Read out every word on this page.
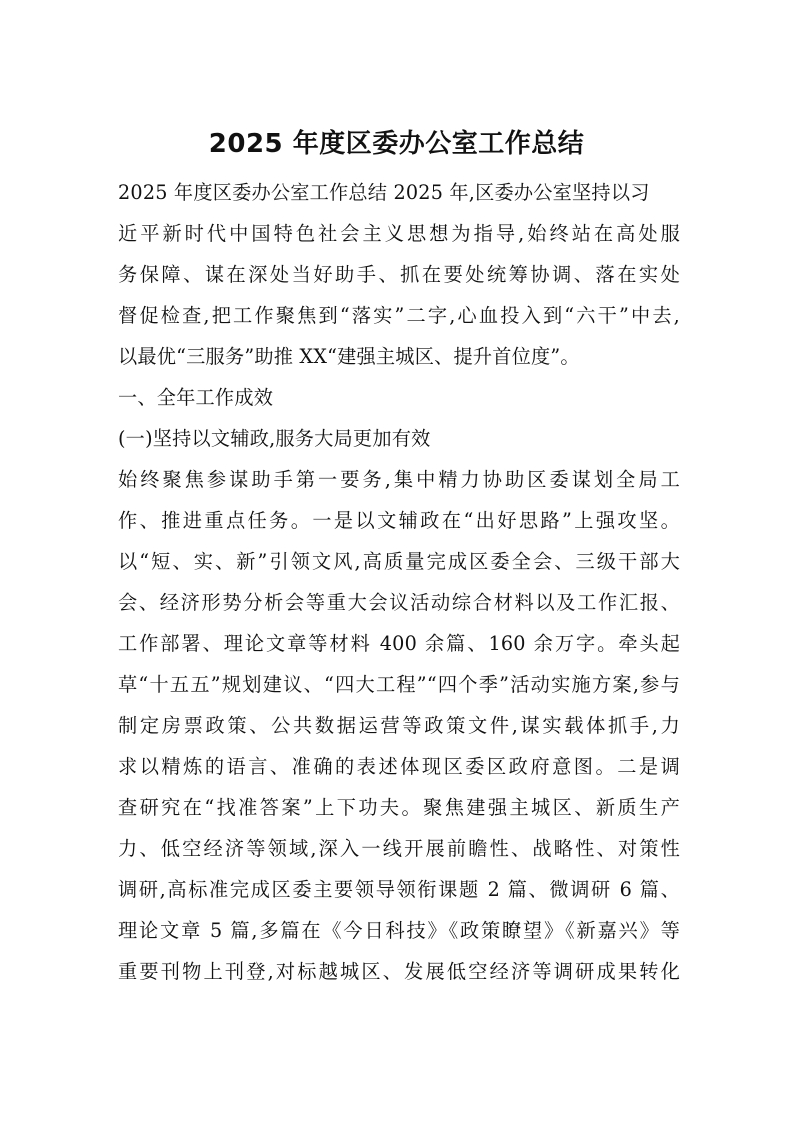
2025 年度区委办公室工作总结
2025 年度区委办公室工作总结 2025 年,区委办公室坚持以习
近平新时代中国特色社会主义思想为指导,始终站在高处服
务保障、谋在深处当好助手、抓在要处统筹协调、落在实处
督促检查,把工作聚焦到“落实”二字,心血投入到“六干”中去,
以最优“三服务”助推 XX“建强主城区、提升首位度”。
一、全年工作成效
(一)坚持以文辅政,服务大局更加有效
始终聚焦参谋助手第一要务,集中精力协助区委谋划全局工
作、推进重点任务。一是以文辅政在“出好思路”上强攻坚。
以“短、实、新”引领文风,高质量完成区委全会、三级干部大
会、经济形势分析会等重大会议活动综合材料以及工作汇报、
工作部署、理论文章等材料 400 余篇、160 余万字。牵头起
草“十五五”规划建议、“四大工程”“四个季”活动实施方案,参与
制定房票政策、公共数据运营等政策文件,谋实载体抓手,力
求以精炼的语言、准确的表述体现区委区政府意图。二是调
查研究在“找准答案”上下功夫。聚焦建强主城区、新质生产
力、低空经济等领域,深入一线开展前瞻性、战略性、对策性
调研,高标准完成区委主要领导领衔课题 2 篇、微调研 6 篇、
理论文章 5 篇,多篇在《今日科技》《政策瞭望》《新嘉兴》等
重要刊物上刊登,对标越城区、发展低空经济等调研成果转化
